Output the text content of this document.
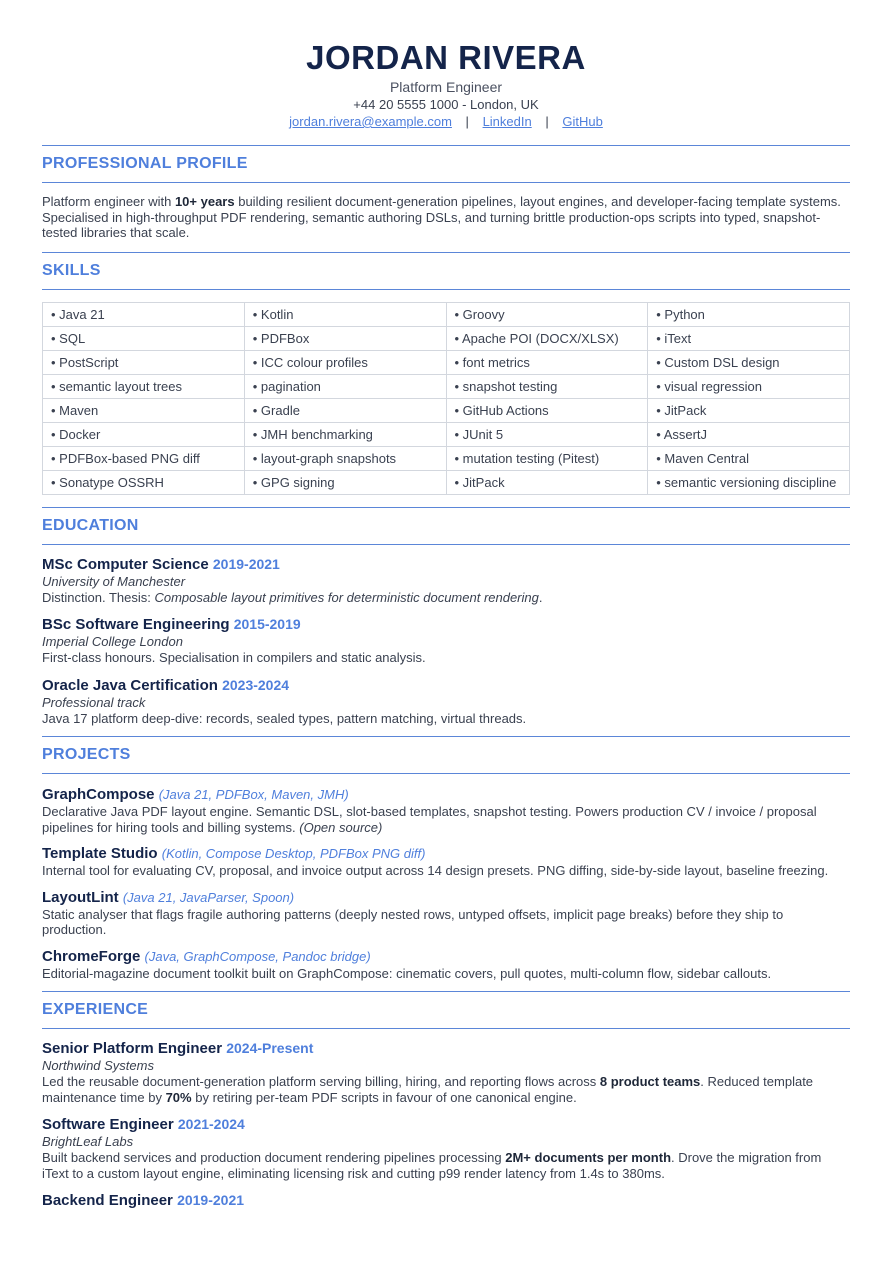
JORDAN RIVERA
Platform Engineer
+44 20 5555 1000 - London, UK
jordan.rivera@example.com | LinkedIn | GitHub
PROFESSIONAL PROFILE
Platform engineer with 10+ years building resilient document-generation pipelines, layout engines, and developer-facing template systems. Specialised in high-throughput PDF rendering, semantic authoring DSLs, and turning brittle production-ops scripts into typed, snapshot-tested libraries that scale.
SKILLS
• Java 21	• Kotlin	• Groovy	• Python
• SQL	• PDFBox	• Apache POI (DOCX/XLSX)	• iText
• PostScript	• ICC colour profiles	• font metrics	• Custom DSL design
• semantic layout trees	• pagination	• snapshot testing	• visual regression
• Maven	• Gradle	• GitHub Actions	• JitPack
• Docker	• JMH benchmarking	• JUnit 5	• AssertJ
• PDFBox-based PNG diff	• layout-graph snapshots	• mutation testing (Pitest)	• Maven Central
• Sonatype OSSRH	• GPG signing	• JitPack	• semantic versioning discipline
EDUCATION
MSc Computer Science 2019-2021
University of Manchester
Distinction. Thesis: Composable layout primitives for deterministic document rendering.
BSc Software Engineering 2015-2019
Imperial College London
First-class honours. Specialisation in compilers and static analysis.
Oracle Java Certification 2023-2024
Professional track
Java 17 platform deep-dive: records, sealed types, pattern matching, virtual threads.
PROJECTS
GraphCompose (Java 21, PDFBox, Maven, JMH)
Declarative Java PDF layout engine. Semantic DSL, slot-based templates, snapshot testing. Powers production CV / invoice / proposal pipelines for hiring tools and billing systems. (Open source)
Template Studio (Kotlin, Compose Desktop, PDFBox PNG diff)
Internal tool for evaluating CV, proposal, and invoice output across 14 design presets. PNG diffing, side-by-side layout, baseline freezing.
LayoutLint (Java 21, JavaParser, Spoon)
Static analyser that flags fragile authoring patterns (deeply nested rows, untyped offsets, implicit page breaks) before they ship to production.
ChromeForge (Java, GraphCompose, Pandoc bridge)
Editorial-magazine document toolkit built on GraphCompose: cinematic covers, pull quotes, multi-column flow, sidebar callouts.
EXPERIENCE
Senior Platform Engineer 2024-Present
Northwind Systems
Led the reusable document-generation platform serving billing, hiring, and reporting flows across 8 product teams. Reduced template maintenance time by 70% by retiring per-team PDF scripts in favour of one canonical engine.
Software Engineer 2021-2024
BrightLeaf Labs
Built backend services and production document rendering pipelines processing 2M+ documents per month. Drove the migration from iText to a custom layout engine, eliminating licensing risk and cutting p99 render latency from 1.4s to 380ms.
Backend Engineer 2019-2021
